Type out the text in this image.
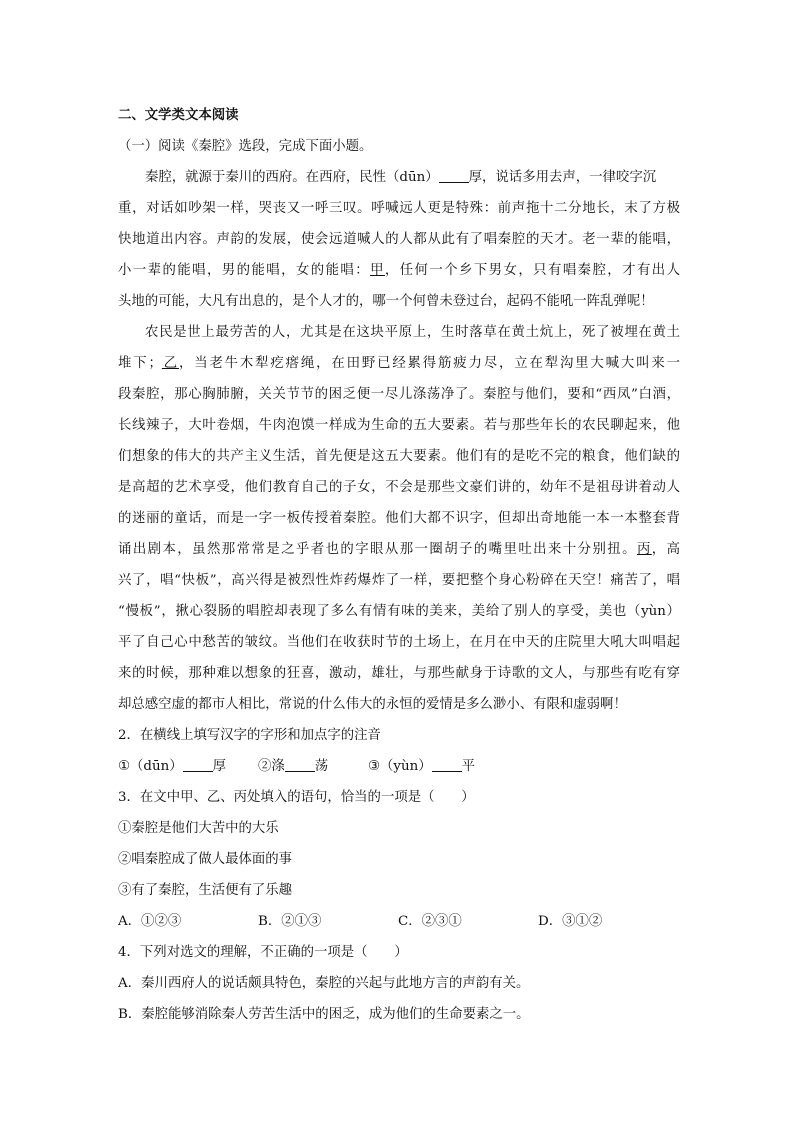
二、文学类文本阅读
（一）阅读《秦腔》选段，完成下面小题。
秦腔，就源于秦川的西府。在西府，民性（dūn） 厚，说话多用去声，一律咬字沉
重，对话如吵架一样，哭丧又一呼三叹。呼喊远人更是特殊：前声拖十二分地长，末了方极
快地道出内容。声韵的发展，使会远道喊人的人都从此有了唱秦腔的天才。老一辈的能唱，
小一辈的能唱，男的能唱，女的能唱：甲，任何一个乡下男女，只有唱秦腔，才有出人
头地的可能，大凡有出息的，是个人才的，哪一个何曾未登过台，起码不能吼一阵乱弹呢！
农民是世上最劳苦的人，尤其是在这块平原上，生时落草在黄土炕上，死了被埋在黄土
堆下；乙，当老牛木犁疙瘩绳，在田野已经累得筋疲力尽，立在犁沟里大喊大叫来一
段秦腔，那心胸肺腑，关关节节的困乏便一尽儿涤荡净了。秦腔与他们，要和“西凤”白酒，
长线辣子，大叶卷烟，牛肉泡馍一样成为生命的五大要素。若与那些年长的农民聊起来，他
们想象的伟大的共产主义生活，首先便是这五大要素。他们有的是吃不完的粮食，他们缺的
是高超的艺术享受，他们教育自己的子女，不会是那些文豪们讲的，幼年不是祖母讲着动人
的迷丽的童话，而是一字一板传授着秦腔。他们大都不识字，但却出奇地能一本一本整套背
诵出剧本，虽然那常常是之乎者也的字眼从那一圈胡子的嘴里吐出来十分别扭。丙，高
兴了，唱“快板”，高兴得是被烈性炸药爆炸了一样，要把整个身心粉碎在天空！痛苦了，唱
“慢板”，揪心裂肠的唱腔却表现了多么有情有味的美来，美给了别人的享受，美也（yùn）
平了自己心中愁苦的皱纹。当他们在收获时节的土场上，在月在中天的庄院里大吼大叫唱起
来的时候，那种难以想象的狂喜，激动，雄壮，与那些献身于诗歌的文人，与那些有吃有穿
却总感空虚的都市人相比，常说的什么伟大的永恒的爱情是多么渺小、有限和虚弱啊！
2．在横线上填写汉字的字形和加点字的注音
①（dūn） 厚 ②涤 荡	③（yùn） 平
3．在文中甲、乙、丙处填入的语句，恰当的一项是（　　）
①秦腔是他们大苦中的大乐
②唱秦腔成了做人最体面的事
③有了秦腔，生活便有了乐趣
A．①②③	B．②①③	C．②③①	D．③①②
4．下列对选文的理解，不正确的一项是（　　）
A．秦川西府人的说话颇具特色，秦腔的兴起与此地方言的声韵有关。
B．秦腔能够消除秦人劳苦生活中的困乏，成为他们的生命要素之一。
